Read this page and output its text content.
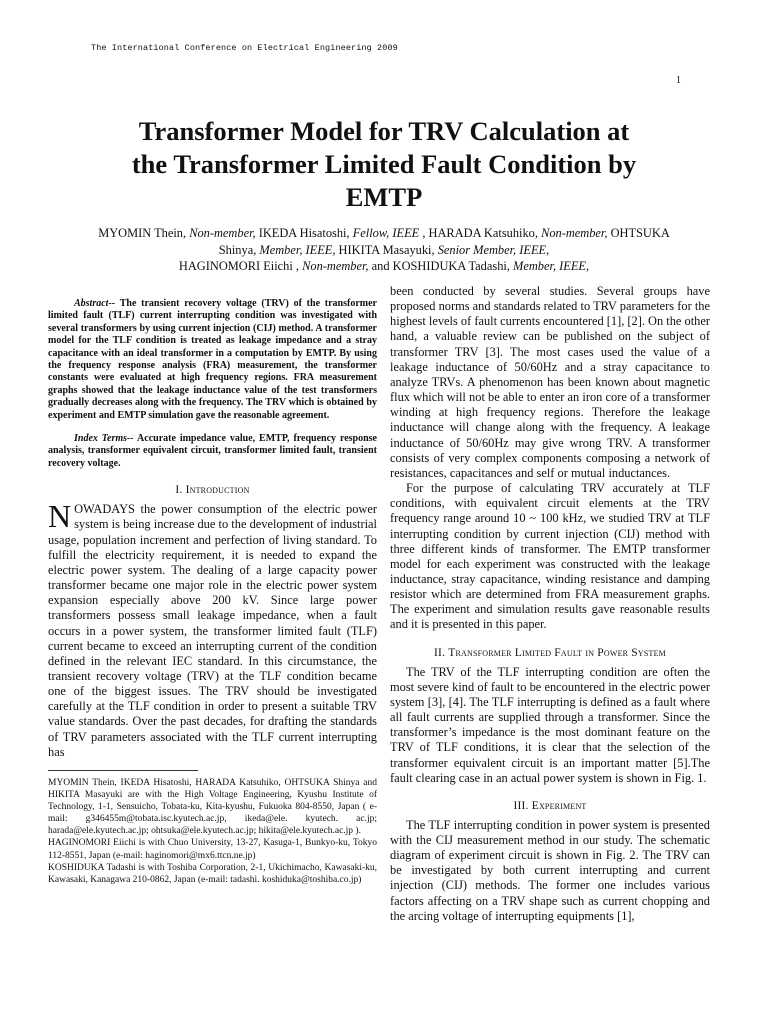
The International Conference on Electrical Engineering 2009
1
Transformer Model for TRV Calculation at
the Transformer Limited Fault Condition by
EMTP
MYOMIN Thein, Non-member, IKEDA Hisatoshi, Fellow, IEEE , HARADA Katsuhiko, Non-member, OHTSUKA Shinya, Member, IEEE, HIKITA Masayuki, Senior Member, IEEE,
HAGINOMORI Eiichi , Non-member, and KOSHIDUKA Tadashi, Member, IEEE,

Abstract-- The transient recovery voltage (TRV) of the transformer limited fault (TLF) current interrupting condition was investigated with several transformers by using current injection (CIJ) method. A transformer model for the TLF condition is treated as leakage impedance and a stray capacitance with an ideal transformer in a computation by EMTP. By using the frequency response analysis (FRA) measurement, the transformer constants were evaluated at high frequency regions. FRA measurement graphs showed that the leakage inductance value of the test transformers gradually decreases along with the frequency. The TRV which is obtained by experiment and EMTP simulation gave the reasonable agreement.

Index Terms-- Accurate impedance value, EMTP, frequency response analysis, transformer equivalent circuit, transformer limited fault, transient recovery voltage.

I. Introduction

NOWADAYS the power consumption of the electric power system is being increase due to the development of industrial usage, population increment and perfection of living standard. To fulfill the electricity requirement, it is needed to expand the electric power system. The dealing of a large capacity power transformer became one major role in the electric power system expansion especially above 200 kV. Since large power transformers possess small leakage impedance, when a fault occurs in a power system, the transformer limited fault (TLF) current became to exceed an interrupting current of the condition defined in the relevant IEC standard. In this circumstance, the transient recovery voltage (TRV) at the TLF condition became one of the biggest issues. The TRV should be investigated carefully at the TLF condition in order to present a suitable TRV value standards. Over the past decades, for drafting the standards of TRV parameters associated with the TLF current interrupting has

MYOMIN Thein, IKEDA Hisatoshi, HARADA Katsuhiko, OHTSUKA Shinya and HIKITA Masayuki are with the High Voltage Engineering, Kyushu Institute of Technology, 1-1, Sensuicho, Tobata-ku, Kita-kyushu, Fukuoka 804-8550, Japan ( e-mail: g346455m@tobata.isc.kyutech.ac.jp, ikeda@ele. kyutech. ac.jp; harada@ele.kyutech.ac.jp; ohtsuka@ele.kyutech.ac.jp; hikita@ele.kyutech.ac.jp ).

HAGINOMORI Eiichi is with Chuo University, 13-27, Kasuga-1, Bunkyo-ku, Tokyo 112-8551, Japan (e-mail: haginomori@mx6.ttcn.ne.jp)

KOSHIDUKA Tadashi is with Toshiba Corporation, 2-1, Ukichimacho, Kawasaki-ku, Kawasaki, Kanagawa 210-0862, Japan (e-mail: tadashi. koshiduka@toshiba.co.jp)

been conducted by several studies. Several groups have proposed norms and standards related to TRV parameters for the highest levels of fault currents encountered [1], [2]. On the other hand, a valuable review can be published on the subject of transformer TRV [3]. The most cases used the value of a leakage inductance of 50/60Hz and a stray capacitance to analyze TRVs. A phenomenon has been known about magnetic flux which will not be able to enter an iron core of a transformer winding at high frequency regions. Therefore the leakage inductance will change along with the frequency. A leakage inductance of 50/60Hz may give wrong TRV. A transformer consists of very complex components composing a network of resistances, capacitances and self or mutual inductances.

For the purpose of calculating TRV accurately at TLF conditions, with equivalent circuit elements at the TRV frequency range around 10 ~ 100 kHz, we studied TRV at TLF interrupting condition by current injection (CIJ) method with three different kinds of transformer. The EMTP transformer model for each experiment was constructed with the leakage inductance, stray capacitance, winding resistance and damping resistor which are determined from FRA measurement graphs. The experiment and simulation results gave reasonable results and it is presented in this paper.

II. Transformer Limited Fault in Power System

The TRV of the TLF interrupting condition are often the most severe kind of fault to be encountered in the electric power system [3], [4]. The TLF interrupting is defined as a fault where all fault currents are supplied through a transformer. Since the transformer’s impedance is the most dominant feature on the TRV of TLF conditions, it is clear that the selection of the transformer equivalent circuit is an important matter [5].The fault clearing case in an actual power system is shown in Fig. 1.

III. Experiment

The TLF interrupting condition in power system is presented with the CIJ measurement method in our study. The schematic diagram of experiment circuit is shown in Fig. 2. The TRV can be investigated by both current interrupting and current injection (CIJ) methods. The former one includes various factors affecting on a TRV shape such as current chopping and the arcing voltage of interrupting equipments [1],
